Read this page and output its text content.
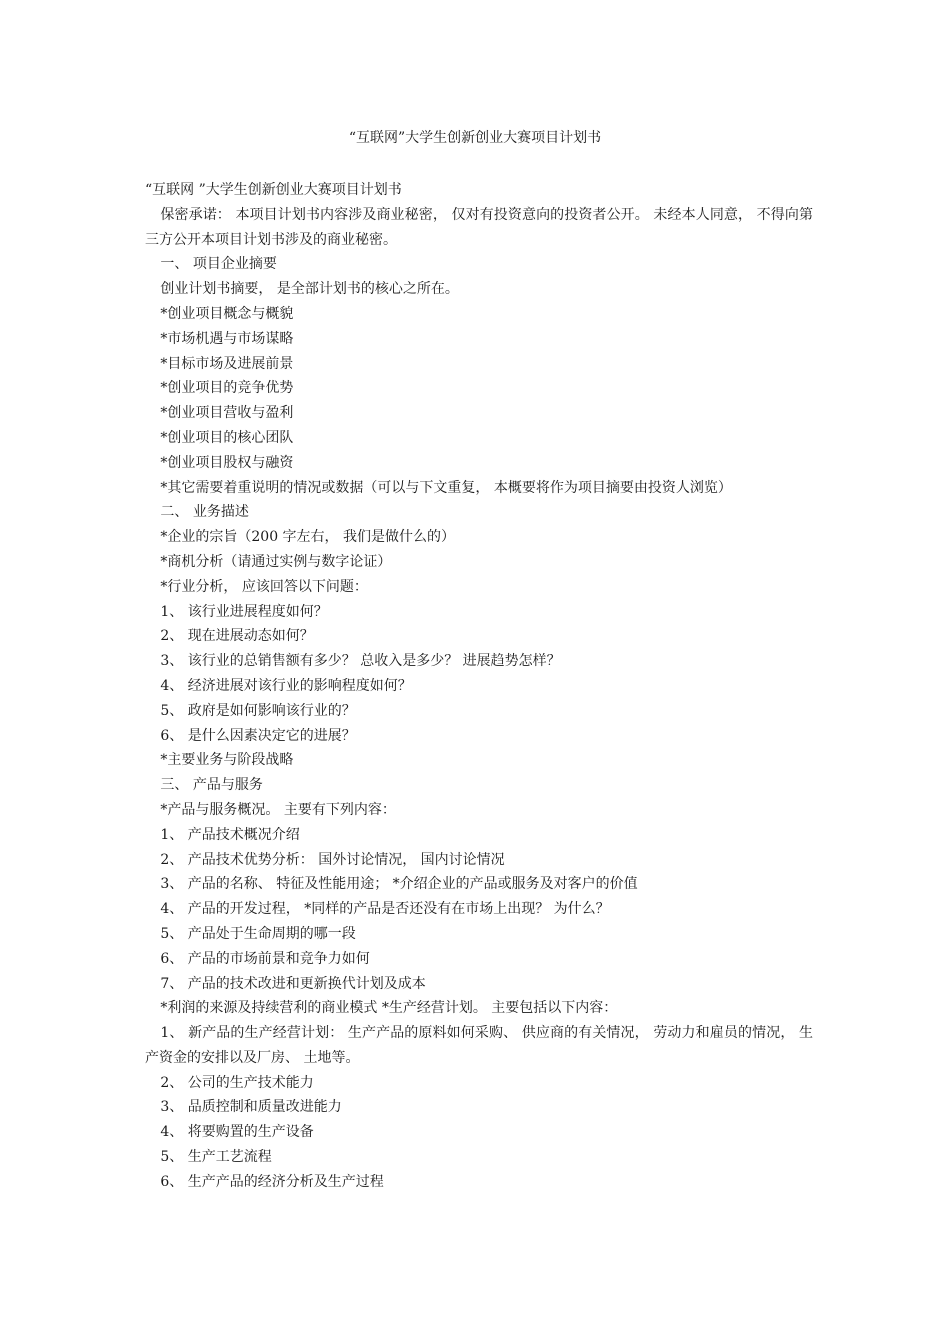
“互联网”大学生创新创业大赛项目计划书

“互联网 ”大学生创新创业大赛项目计划书

保密承诺： 本项目计划书内容涉及商业秘密， 仅对有投资意向的投资者公开。 未经本人同意， 不得向第三方公开本项目计划书涉及的商业秘密。

一、 项目企业摘要

创业计划书摘要， 是全部计划书的核心之所在。

*创业项目概念与概貌

*市场机遇与市场谋略

*目标市场及进展前景

*创业项目的竞争优势

*创业项目营收与盈利

*创业项目的核心团队

*创业项目股权与融资

*其它需要着重说明的情况或数据（可以与下文重复， 本概要将作为项目摘要由投资人浏览）

二、 业务描述

*企业的宗旨（200 字左右， 我们是做什么的）

*商机分析（请通过实例与数字论证）

*行业分析， 应该回答以下问题：

1、 该行业进展程度如何？

2、 现在进展动态如何？

3、 该行业的总销售额有多少？ 总收入是多少？ 进展趋势怎样？

4、 经济进展对该行业的影响程度如何？

5、 政府是如何影响该行业的？

6、 是什么因素决定它的进展？

*主要业务与阶段战略

三、 产品与服务

*产品与服务概况。 主要有下列内容：

1、 产品技术概况介绍

2、 产品技术优势分析： 国外讨论情况， 国内讨论情况

3、 产品的名称、 特征及性能用途； *介绍企业的产品或服务及对客户的价值

4、 产品的开发过程， *同样的产品是否还没有在市场上出现？ 为什么？

5、 产品处于生命周期的哪一段

6、 产品的市场前景和竞争力如何

7、 产品的技术改进和更新换代计划及成本

*利润的来源及持续营利的商业模式 *生产经营计划。 主要包括以下内容：

1、 新产品的生产经营计划： 生产产品的原料如何采购、 供应商的有关情况， 劳动力和雇员的情况， 生产资金的安排以及厂房、 土地等。

2、 公司的生产技术能力

3、 品质控制和质量改进能力

4、 将要购置的生产设备

5、 生产工艺流程

6、 生产产品的经济分析及生产过程
